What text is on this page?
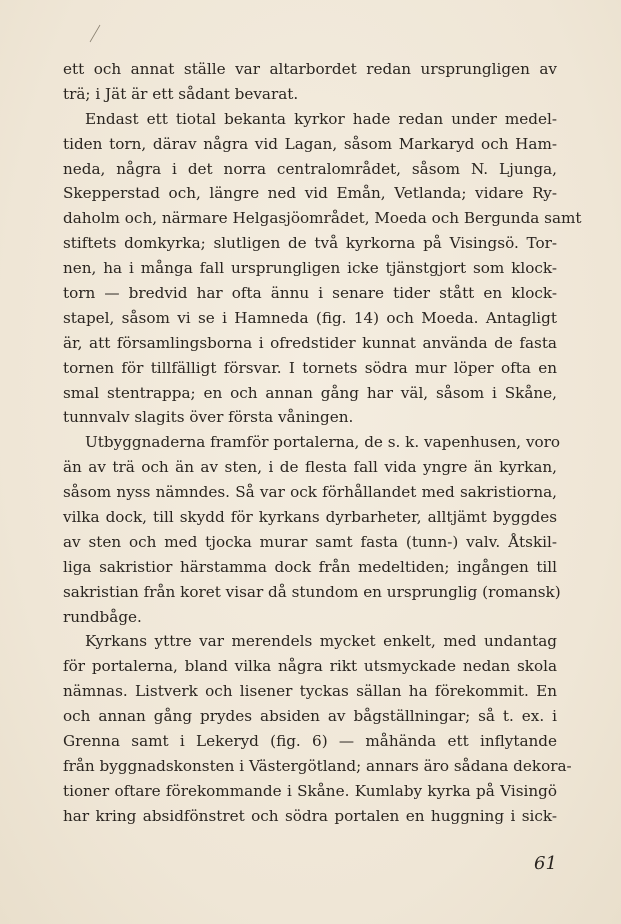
ett och annat ställe var altarbordet redan ursprungligen av
trä; i Jät är ett sådant bevarat.
Endast ett tiotal bekanta kyrkor hade redan under medel-
tiden torn, därav några vid Lagan, såsom Markaryd och Ham-
neda, några i det norra centralområdet, såsom N. Ljunga,
Skepperstad och, längre ned vid Emån, Vetlanda; vidare Ry-
daholm och, närmare Helgasjöområdet, Moeda och Bergunda samt
stiftets domkyrka; slutligen de två kyrkorna på Visingsö. Tor-
nen, ha i många fall ursprungligen icke tjänstgjort som klock-
torn — bredvid har ofta ännu i senare tider stått en klock-
stapel, såsom vi se i Hamneda (fig. 14) och Moeda. Antagligt
är, att församlingsborna i ofredstider kunnat använda de fasta
tornen för tillfälligt försvar. I tornets södra mur löper ofta en
smal stentrappa; en och annan gång har väl, såsom i Skåne,
tunnvalv slagits över första våningen.
Utbyggnaderna framför portalerna, de s. k. vapenhusen, voro
än av trä och än av sten, i de flesta fall vida yngre än kyrkan,
såsom nyss nämndes. Så var ock förhållandet med sakristiorna,
vilka dock, till skydd för kyrkans dyrbarheter, alltjämt byggdes
av sten och med tjocka murar samt fasta (tunn-) valv. Åtskil-
liga sakristior härstamma dock från medeltiden; ingången till
sakristian från koret visar då stundom en ursprunglig (romansk)
rundbåge.
Kyrkans yttre var merendels mycket enkelt, med undantag
för portalerna, bland vilka några rikt utsmyckade nedan skola
nämnas. Listverk och lisener tyckas sällan ha förekommit. En
och annan gång prydes absiden av bågställningar; så t. ex. i
Grenna samt i Lekeryd (fig. 6) — måhända ett inflytande
från byggnadskonsten i Västergötland; annars äro sådana dekora-
tioner oftare förekommande i Skåne. Kumlaby kyrka på Visingö
har kring absidfönstret och södra portalen en huggning i sick-
61
